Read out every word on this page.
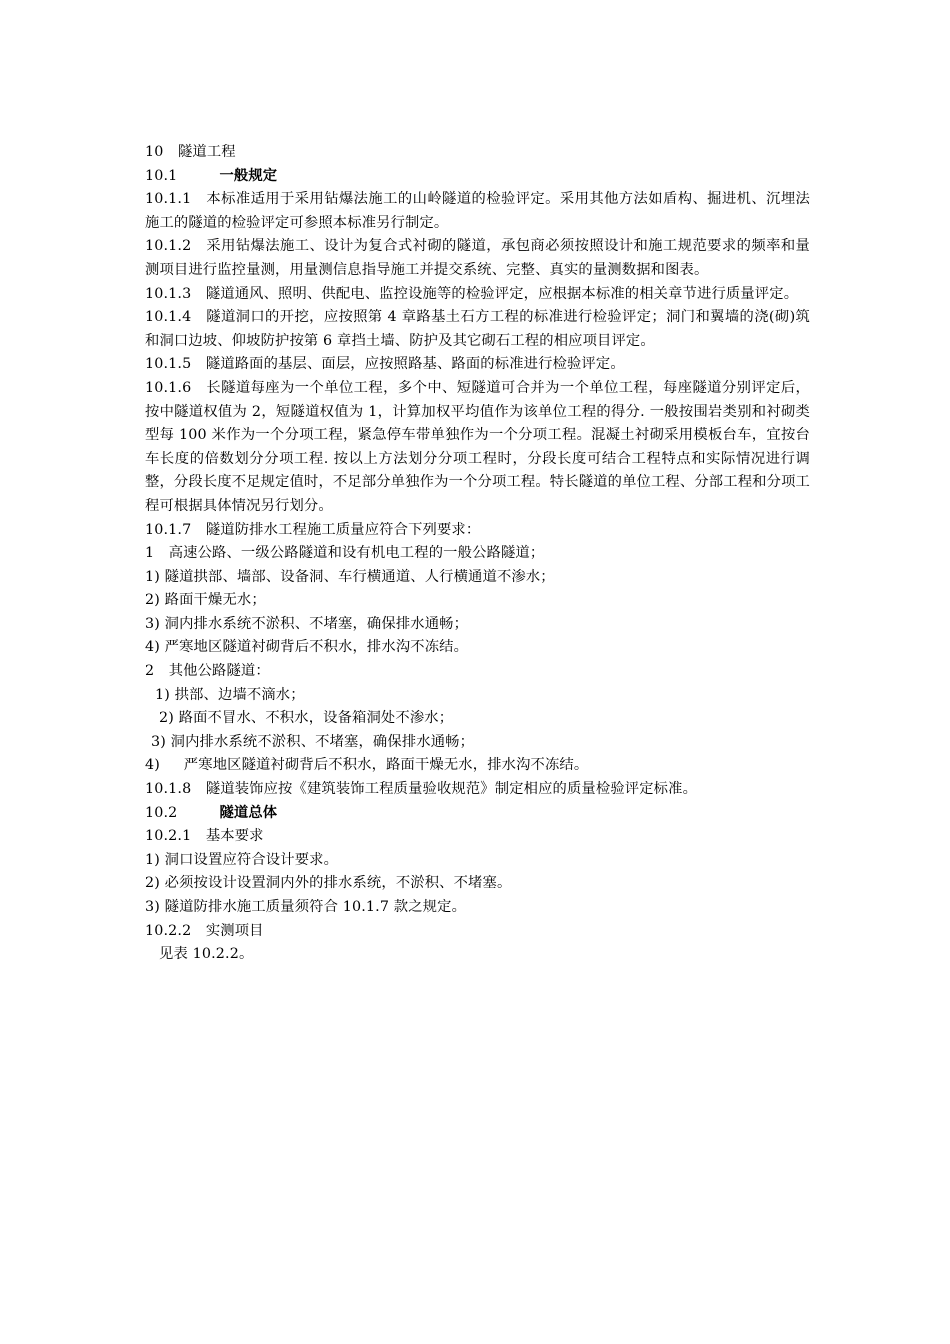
10　隧道工程
10.1	一般规定
10.1.1　本标准适用于采用钻爆法施工的山岭隧道的检验评定。采用其他方法如盾构、掘进机、沉埋法施工的隧道的检验评定可参照本标准另行制定。
10.1.2　采用钻爆法施工、设计为复合式衬砌的隧道，承包商必须按照设计和施工规范要求的频率和量测项目进行监控量测，用量测信息指导施工并提交系统、完整、真实的量测数据和图表。
10.1.3　隧道通风、照明、供配电、监控设施等的检验评定，应根据本标准的相关章节进行质量评定。
10.1.4　隧道洞口的开挖，应按照第 4 章路基土石方工程的标准进行检验评定；洞门和翼墙的浇(砌)筑和洞口边坡、仰坡防护按第 6 章挡土墙、防护及其它砌石工程的相应项目评定。
10.1.5　隧道路面的基层、面层，应按照路基、路面的标准进行检验评定。
10.1.6　长隧道每座为一个单位工程，多个中、短隧道可合并为一个单位工程，每座隧道分别评定后，按中隧道权值为 2，短隧道权值为 1，计算加权平均值作为该单位工程的得分. 一般按围岩类别和衬砌类型每 100 米作为一个分项工程，紧急停车带单独作为一个分项工程。混凝土衬砌采用模板台车，宜按台车长度的倍数划分分项工程. 按以上方法划分分项工程时，分段长度可结合工程特点和实际情况进行调整，分段长度不足规定值时，不足部分单独作为一个分项工程。特长隧道的单位工程、分部工程和分项工程可根据具体情况另行划分。
10.1.7　隧道防排水工程施工质量应符合下列要求：
1　高速公路、一级公路隧道和设有机电工程的一般公路隧道；
1) 隧道拱部、墙部、设备洞、车行横通道、人行横通道不渗水；
2) 路面干燥无水；
3) 洞内排水系统不淤积、不堵塞，确保排水通畅；
4) 严寒地区隧道衬砌背后不积水，排水沟不冻结。
2　其他公路隧道：
1) 拱部、边墙不滴水；
2) 路面不冒水、不积水，设备箱洞处不渗水；
3) 洞内排水系统不淤积、不堵塞，确保排水通畅；
4)　  严寒地区隧道衬砌背后不积水，路面干燥无水，排水沟不冻结。
10.1.8　隧道装饰应按《建筑装饰工程质量验收规范》制定相应的质量检验评定标准。
10.2	隧道总体
10.2.1　基本要求
1) 洞口设置应符合设计要求。
2) 必须按设计设置洞内外的排水系统，不淤积、不堵塞。
3) 隧道防排水施工质量须符合 10.1.7 款之规定。
10.2.2　实测项目
见表 10.2.2。
